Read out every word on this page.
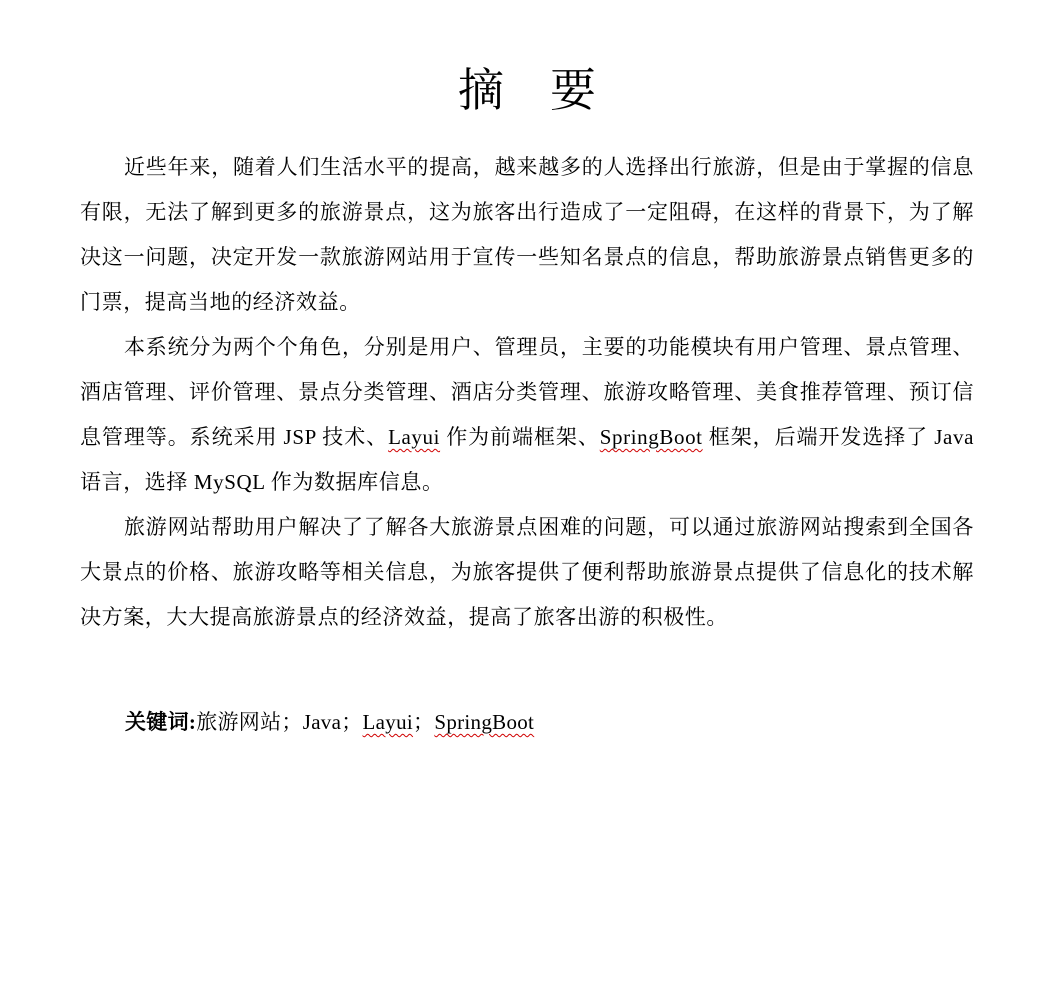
摘 要

近些年来，随着人们生活水平的提高，越来越多的人选择出行旅游，但是由于掌握的信息有限，无法了解到更多的旅游景点，这为旅客出行造成了一定阻碍，在这样的背景下，为了解决这一问题，决定开发一款旅游网站用于宣传一些知名景点的信息，帮助旅游景点销售更多的门票，提高当地的经济效益。

本系统分为两个个角色，分别是用户、管理员，主要的功能模块有用户管理、景点管理、酒店管理、评价管理、景点分类管理、酒店分类管理、旅游攻略管理、美食推荐管理、预订信息管理等。系统采用 JSP 技术、Layui 作为前端框架、SpringBoot 框架，后端开发选择了 Java 语言，选择 MySQL 作为数据库信息。

旅游网站帮助用户解决了了解各大旅游景点困难的问题，可以通过旅游网站搜索到全国各大景点的价格、旅游攻略等相关信息，为旅客提供了便利帮助旅游景点提供了信息化的技术解决方案，大大提高旅游景点的经济效益，提高了旅客出游的积极性。

关键词:旅游网站；Java；Layui；SpringBoot
